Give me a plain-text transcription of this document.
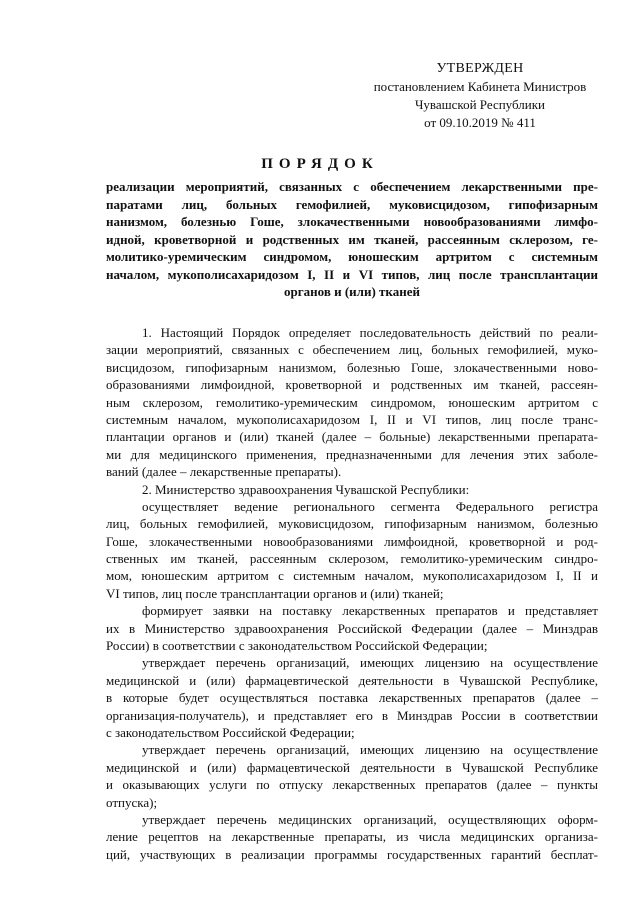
УТВЕРЖДЕН
постановлением Кабинета Министров
Чувашской Республики
от 09.10.2019 № 411
ПОРЯДОК
реализации мероприятий, связанных с обеспечением лекарственными пре-
паратами лиц, больных гемофилией, муковисцидозом, гипофизарным
нанизмом, болезнью Гоше, злокачественными новообразованиями лимфо-
идной, кроветворной и родственных им тканей, рассеянным склерозом, ге-
молитико-уремическим синдромом, юношеским артритом с системным
началом, мукополисахаридозом I, II и VI типов, лиц после трансплантации
органов и (или) тканей
1. Настоящий Порядок определяет последовательность действий по реали-
зации мероприятий, связанных с обеспечением лиц, больных гемофилией, муко-
висцидозом, гипофизарным нанизмом, болезнью Гоше, злокачественными ново-
образованиями лимфоидной, кроветворной и родственных им тканей, рассеян-
ным склерозом, гемолитико-уремическим синдромом, юношеским артритом с
системным началом, мукополисахаридозом I, II и VI типов, лиц после транс-
плантации органов и (или) тканей (далее – больные) лекарственными препарата-
ми для медицинского применения, предназначенными для лечения этих заболе-
ваний (далее – лекарственные препараты).
2. Министерство здравоохранения Чувашской Республики:
осуществляет ведение регионального сегмента Федерального регистра
лиц, больных гемофилией, муковисцидозом, гипофизарным нанизмом, болезнью
Гоше, злокачественными новообразованиями лимфоидной, кроветворной и род-
ственных им тканей, рассеянным склерозом, гемолитико-уремическим синдро-
мом, юношеским артритом с системным началом, мукополисахаридозом I, II и
VI типов, лиц после трансплантации органов и (или) тканей;
формирует заявки на поставку лекарственных препаратов и представляет
их в Министерство здравоохранения Российской Федерации (далее – Минздрав
России) в соответствии с законодательством Российской Федерации;
утверждает перечень организаций, имеющих лицензию на осуществление
медицинской и (или) фармацевтической деятельности в Чувашской Республике,
в которые будет осуществляться поставка лекарственных препаратов (далее –
организация-получатель), и представляет его в Минздрав России в соответствии
с законодательством Российской Федерации;
утверждает перечень организаций, имеющих лицензию на осуществление
медицинской и (или) фармацевтической деятельности в Чувашской Республике
и оказывающих услуги по отпуску лекарственных препаратов (далее – пункты
отпуска);
утверждает перечень медицинских организаций, осуществляющих оформ-
ление рецептов на лекарственные препараты, из числа медицинских организа-
ций, участвующих в реализации программы государственных гарантий бесплат-
